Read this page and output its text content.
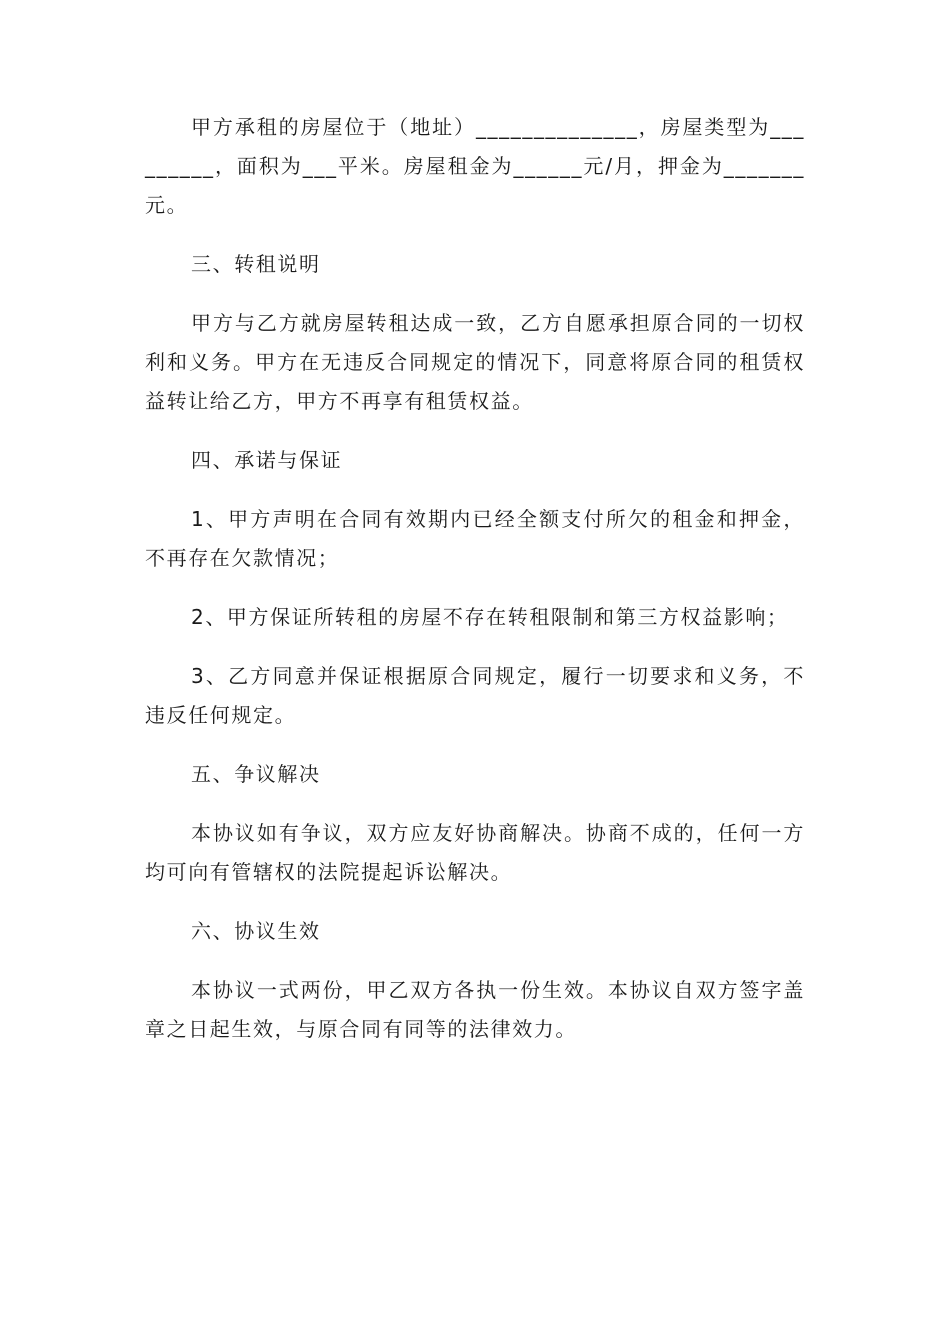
甲方承租的房屋位于（地址）______________，房屋类型为_________，面积为___平米。房屋租金为______元/月，押金为_______元。

三、转租说明

甲方与乙方就房屋转租达成一致，乙方自愿承担原合同的一切权利和义务。甲方在无违反合同规定的情况下，同意将原合同的租赁权益转让给乙方，甲方不再享有租赁权益。

四、承诺与保证

1、甲方声明在合同有效期内已经全额支付所欠的租金和押金，不再存在欠款情况；

2、甲方保证所转租的房屋不存在转租限制和第三方权益影响；

3、乙方同意并保证根据原合同规定，履行一切要求和义务，不违反任何规定。

五、争议解决

本协议如有争议，双方应友好协商解决。协商不成的，任何一方均可向有管辖权的法院提起诉讼解决。

六、协议生效

本协议一式两份，甲乙双方各执一份生效。本协议自双方签字盖章之日起生效，与原合同有同等的法律效力。
